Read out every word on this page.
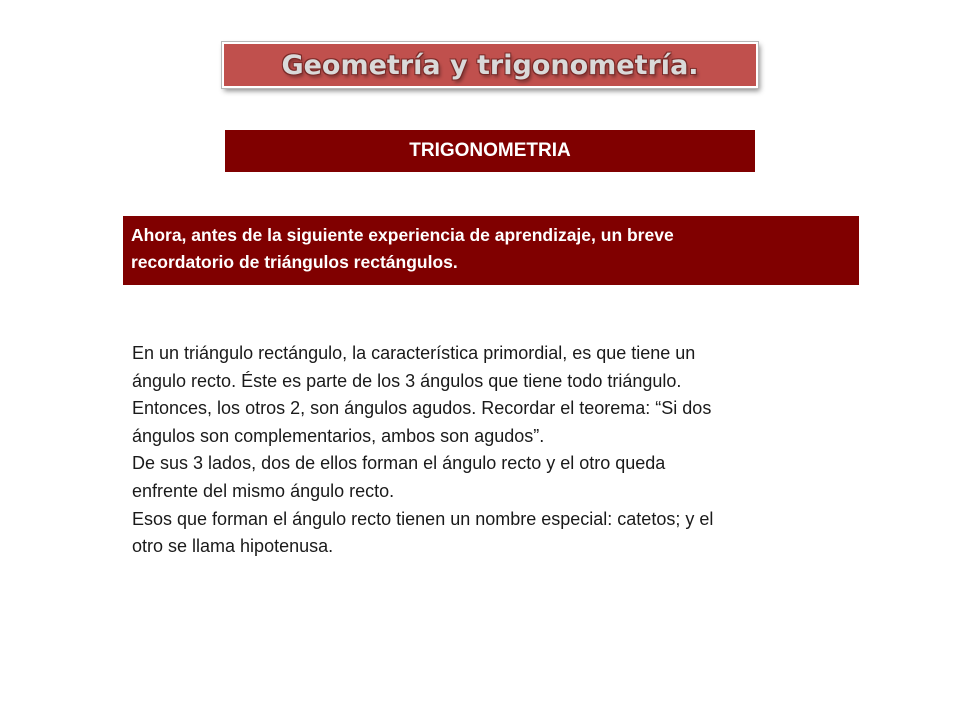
Geometría y trigonometría.
TRIGONOMETRIA

Ahora, antes de la siguiente experiencia de aprendizaje, un breve
recordatorio de triángulos rectángulos.

En un triángulo rectángulo, la característica primordial, es que tiene un
ángulo recto. Éste es parte de los 3 ángulos que tiene todo triángulo.
Entonces, los otros 2, son ángulos agudos. Recordar el teorema: “Si dos
ángulos son complementarios, ambos son agudos”.
De sus 3 lados, dos de ellos forman el ángulo recto y el otro queda
enfrente del mismo ángulo recto.
Esos que forman el ángulo recto tienen un nombre especial: catetos; y el
otro se llama hipotenusa.
